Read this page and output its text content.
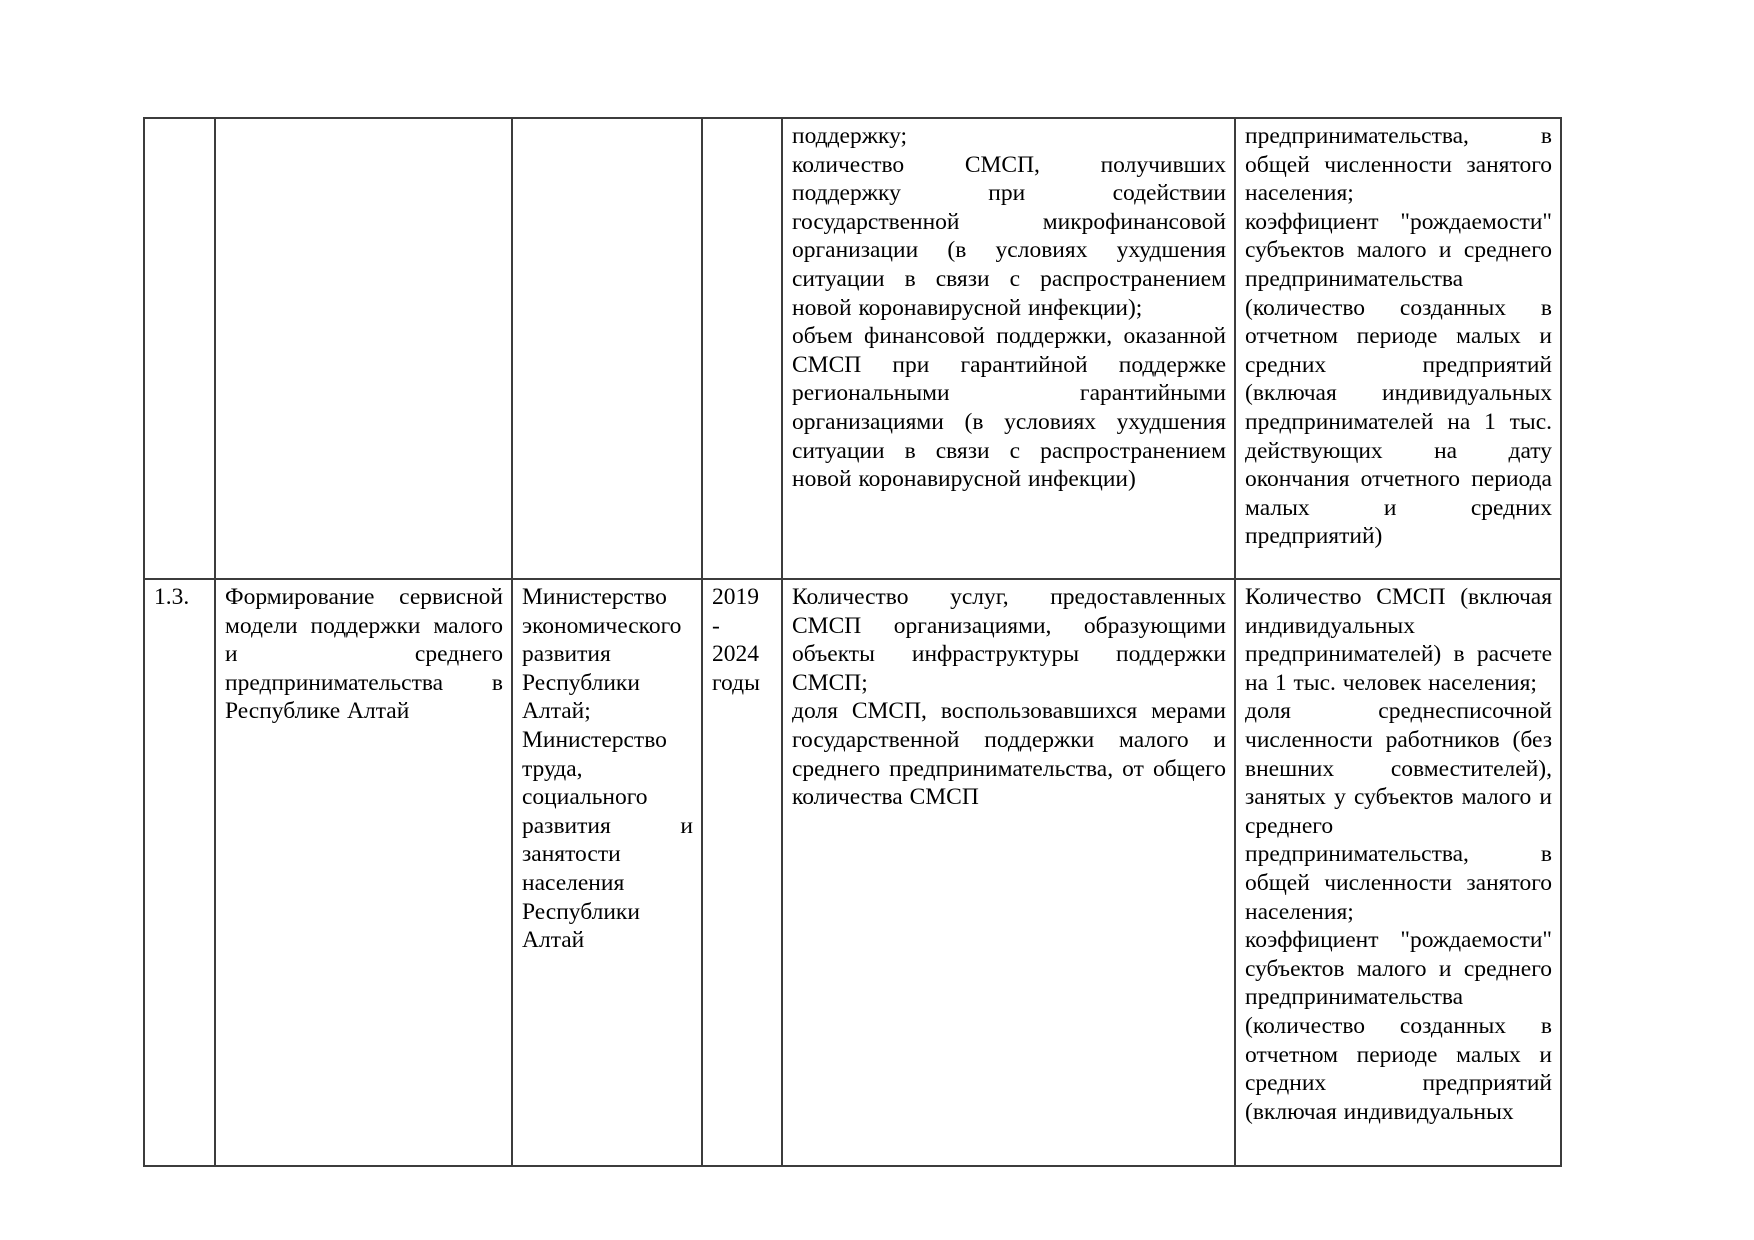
поддержку;

количество СМСП, получивших поддержку при содействии государственной микрофинансовой организации (в условиях ухудшения ситуации в связи с распространением новой коронавирусной инфекции);

объем финансовой поддержки, оказанной СМСП при гарантийной поддержке региональными гарантийными организациями (в условиях ухудшения ситуации в связи с распространением новой коронавирусной инфекции)

предпринимательства, в общей численности занятого населения;

коэффициент "рождаемости" субъектов малого и среднего предпринимательства (количество созданных в отчетном периоде малых и средних предприятий (включая индивидуальных предпринимателей на 1 тыс. действующих на дату окончания отчетного периода малых и средних предприятий)

1.3.	Формирование сервисной модели поддержки малого и среднего предпринимательства в Республике Алтай

Министерство экономического развития Республики Алтай;

Министерство труда, социального развития и занятости населения Республики Алтай

2019 - 2024 годы

Количество услуг, предоставленных СМСП организациями, образующими объекты инфраструктуры поддержки СМСП;

доля СМСП, воспользовавшихся мерами государственной поддержки малого и среднего предпринимательства, от общего количества СМСП

Количество СМСП (включая индивидуальных предпринимателей) в расчете на 1 тыс. человек населения;

доля среднесписочной численности работников (без внешних совместителей), занятых у субъектов малого и среднего предпринимательства, в общей численности занятого населения;

коэффициент "рождаемости" субъектов малого и среднего предпринимательства (количество созданных в отчетном периоде малых и средних предприятий (включая индивидуальных
